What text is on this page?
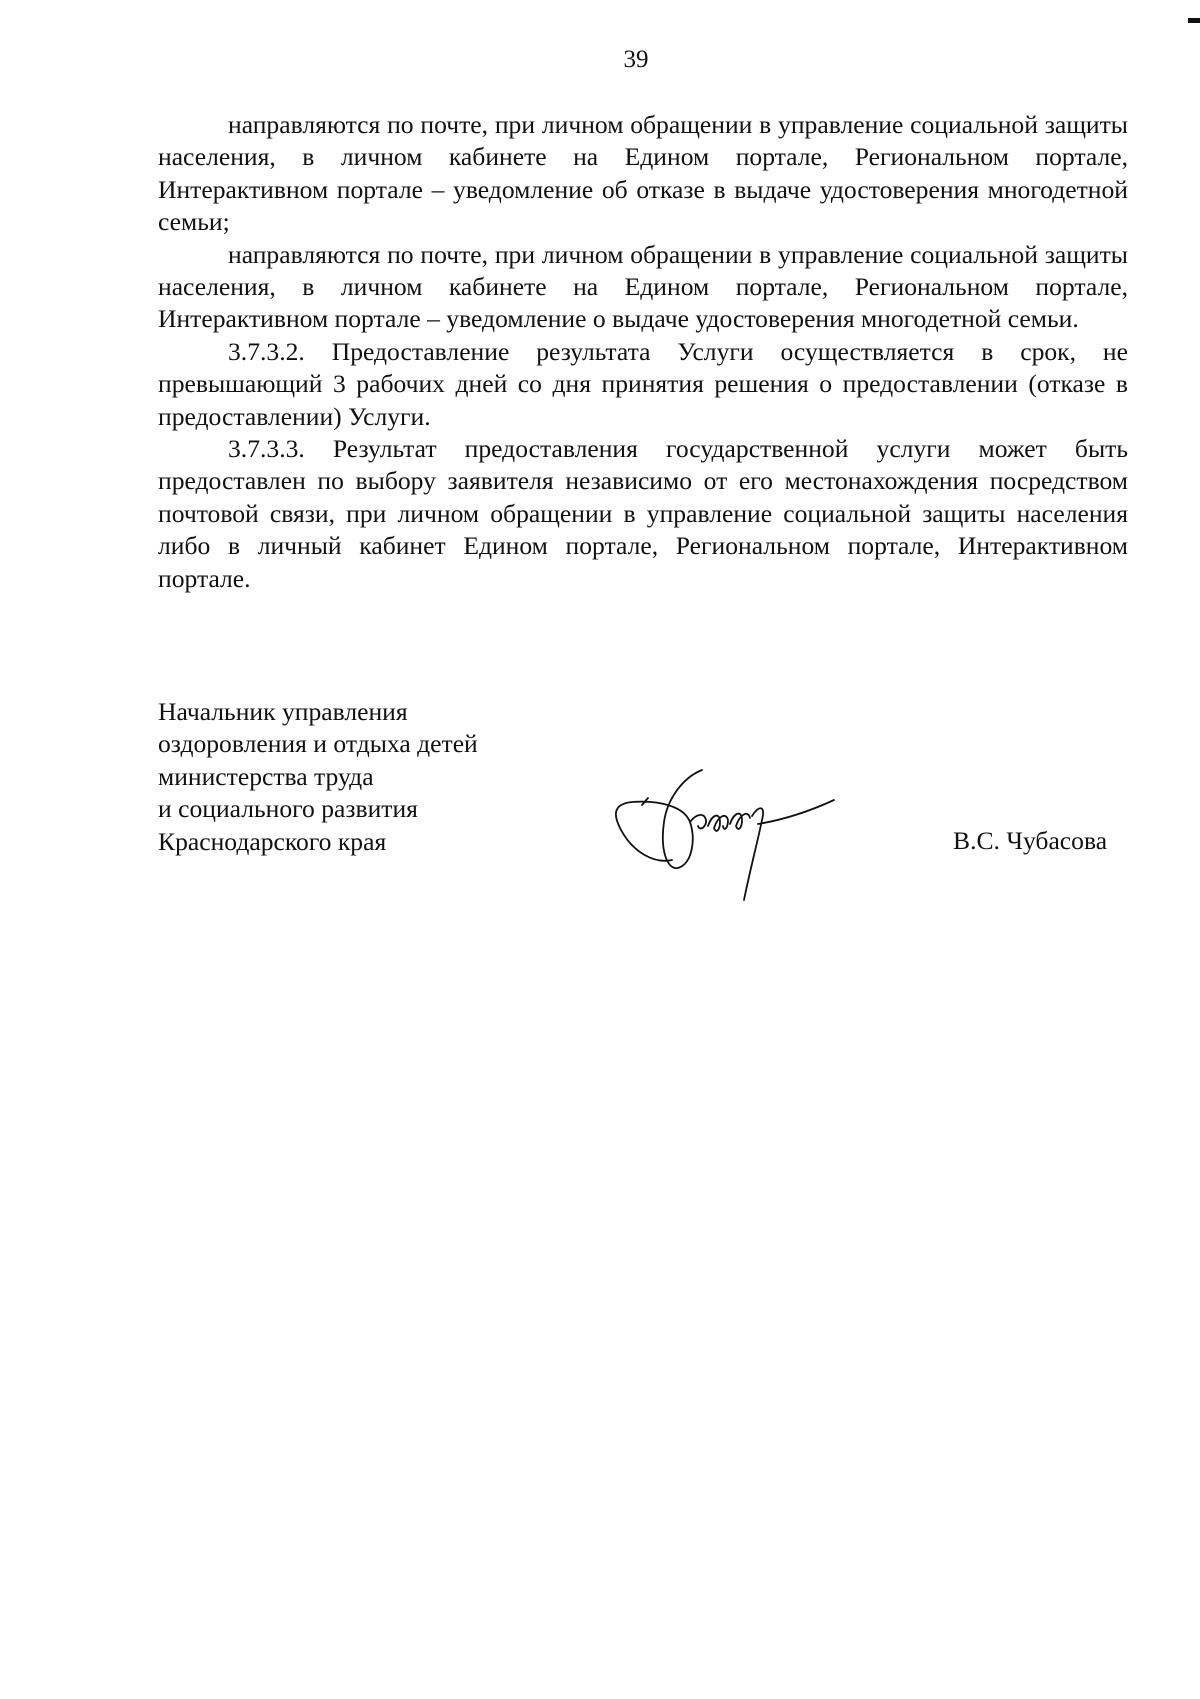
39

направляются по почте, при личном обращении в управление социальной защиты населения, в личном кабинете на Едином портале, Региональном портале, Интерактивном портале – уведомление об отказе в выдаче удостоверения многодетной семьи;

направляются по почте, при личном обращении в управление социальной защиты населения, в личном кабинете на Едином портале, Региональном портале, Интерактивном портале – уведомление о выдаче удостоверения многодетной семьи.

3.7.3.2. Предоставление результата Услуги осуществляется в срок, не превышающий 3 рабочих дней со дня принятия решения о предоставлении (отказе в предоставлении) Услуги.

3.7.3.3. Результат предоставления государственной услуги может быть предоставлен по выбору заявителя независимо от его местонахождения посредством почтовой связи, при личном обращении в управление социальной защиты населения либо в личный кабинет Едином портале, Региональном портале, Интерактивном портале.

Начальник управления
оздоровления и отдыха детей
министерства труда
и социального развития
Краснодарского края	В.С. Чубасова
